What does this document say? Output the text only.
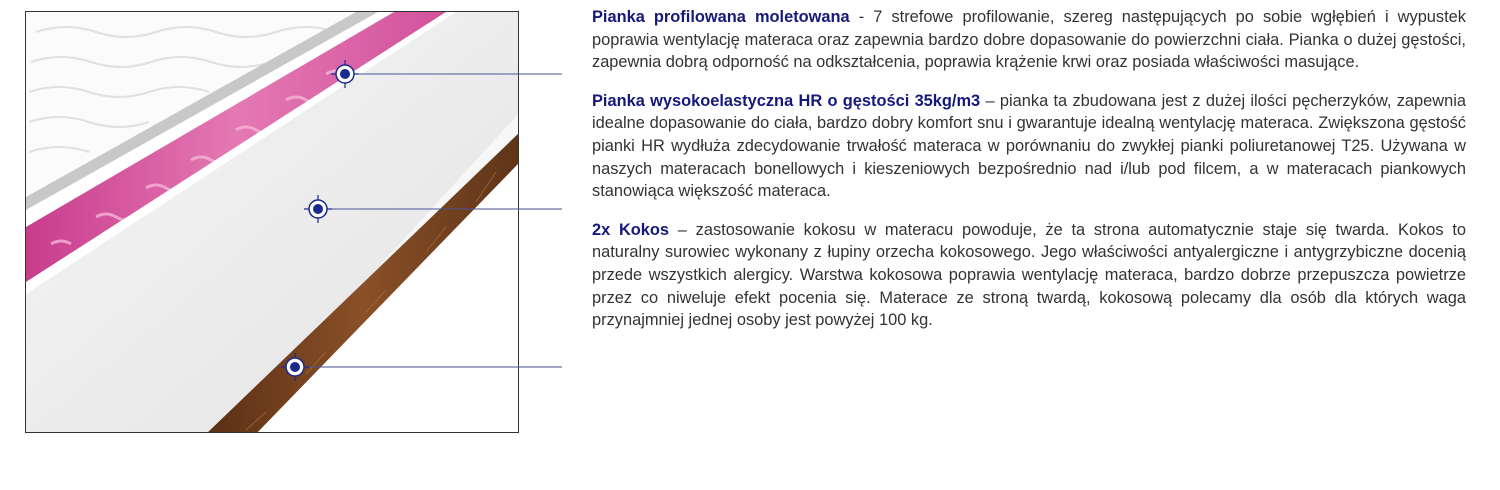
Pianka profilowana moletowana - 7 strefowe profilowanie, szereg następujących po sobie wgłębień i wypustek poprawia wentylację materaca oraz zapewnia bardzo dobre dopasowanie do powierzchni ciała. Pianka o dużej gęstości, zapewnia dobrą odporność na odkształcenia, poprawia krążenie krwi oraz posiada właściwości masujące.

Pianka wysokoelastyczna HR o gęstości 35kg/m3 – pianka ta zbudowana jest z dużej ilości pęcherzyków, zapewnia idealne dopasowanie do ciała, bardzo dobry komfort snu i gwarantuje idealną wentylację materaca. Zwiększona gęstość pianki HR wydłuża zdecydowanie trwałość materaca w porównaniu do zwykłej pianki poliuretanowej T25. Używana w naszych materacach bonellowych i kieszeniowych bezpośrednio nad i/lub pod filcem, a w materacach piankowych stanowiąca większość materaca.

2x Kokos – zastosowanie kokosu w materacu powoduje, że ta strona automatycznie staje się twarda. Kokos to naturalny surowiec wykonany z łupiny orzecha kokosowego. Jego właściwości antyalergiczne i antygrzybiczne docenią przede wszystkich alergicy. Warstwa kokosowa poprawia wentylację materaca, bardzo dobrze przepuszcza powietrze przez co niweluje efekt pocenia się. Materace ze stroną twardą, kokosową polecamy dla osób dla których waga przynajmniej jednej osoby jest powyżej 100 kg.
